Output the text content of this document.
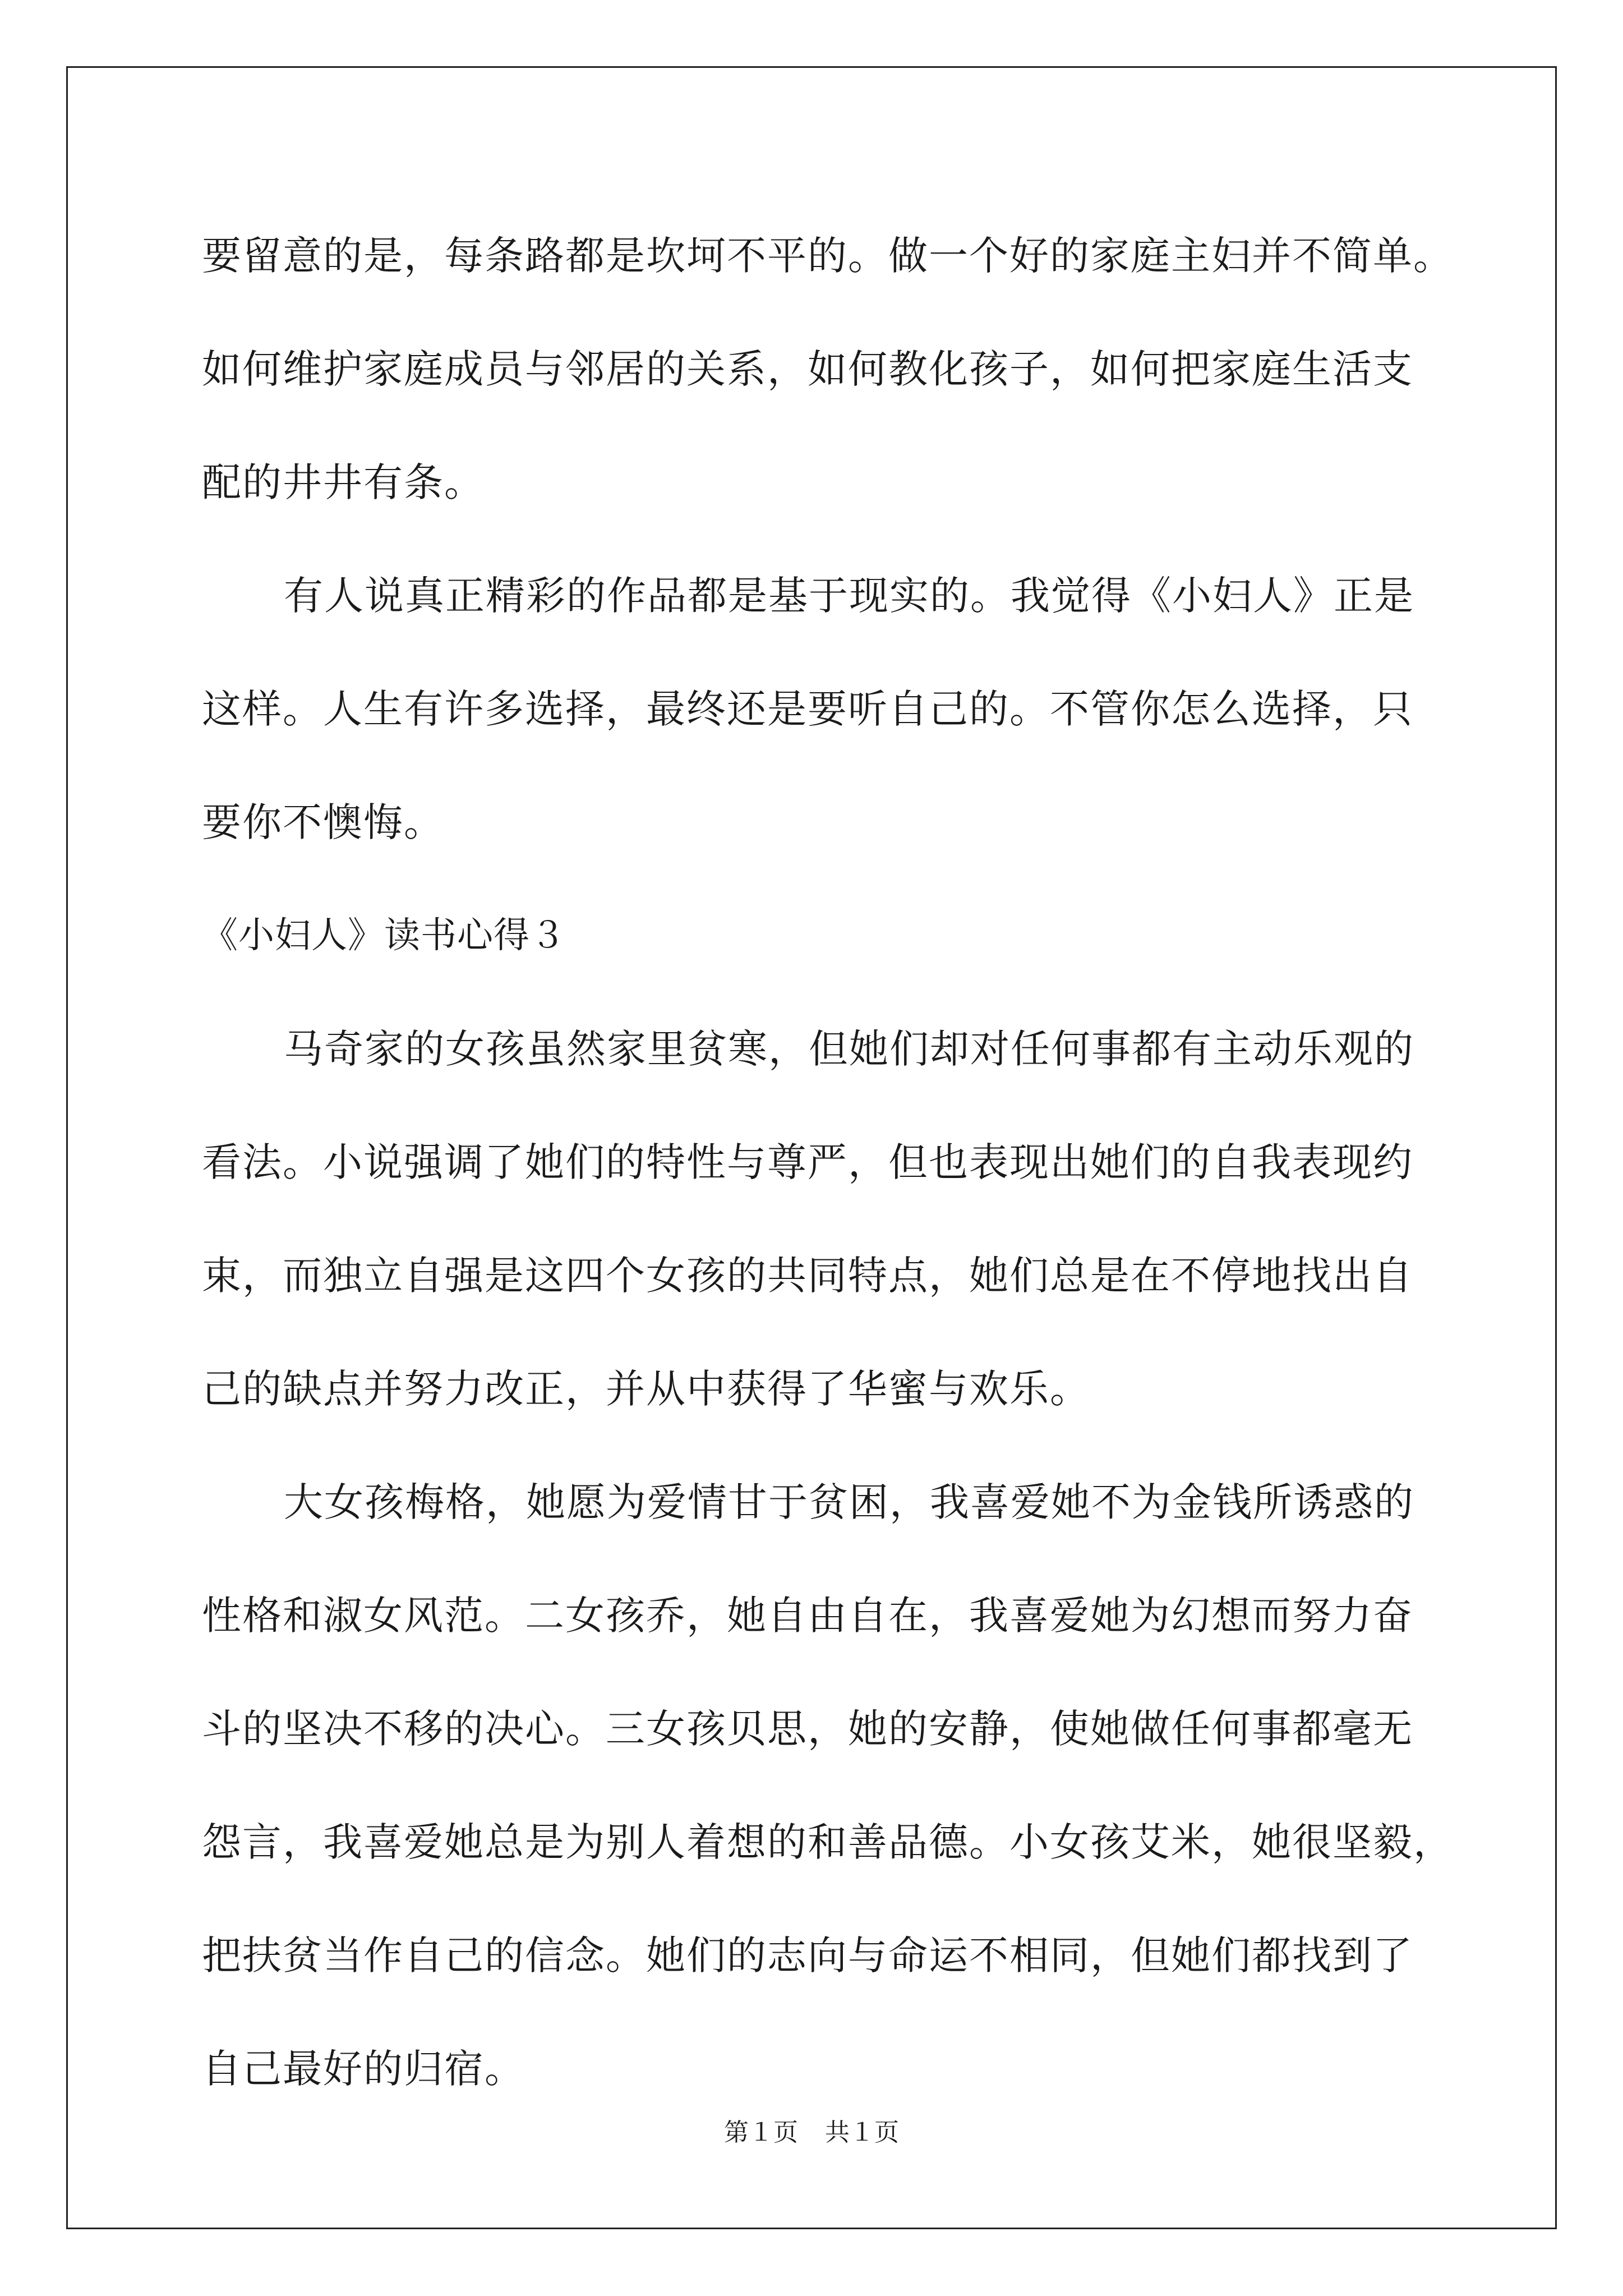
要留意的是，每条路都是坎坷不平的。做一个好的家庭主妇并不简单。
如何维护家庭成员与邻居的关系，如何教化孩子，如何把家庭生活支
配的井井有条。
有人说真正精彩的作品都是基于现实的。我觉得《小妇人》正是
这样。人生有许多选择，最终还是要听自己的。不管你怎么选择，只
要你不懊悔。
《小妇人》读书心得３
马奇家的女孩虽然家里贫寒，但她们却对任何事都有主动乐观的
看法。小说强调了她们的特性与尊严，但也表现出她们的自我表现约
束，而独立自强是这四个女孩的共同特点，她们总是在不停地找出自
己的缺点并努力改正，并从中获得了华蜜与欢乐。
大女孩梅格，她愿为爱情甘于贫困，我喜爱她不为金钱所诱惑的
性格和淑女风范。二女孩乔，她自由自在，我喜爱她为幻想而努力奋
斗的坚决不移的决心。三女孩贝思，她的安静，使她做任何事都毫无
怨言，我喜爱她总是为别人着想的和善品德。小女孩艾米，她很坚毅，
把扶贫当作自己的信念。她们的志向与命运不相同，但她们都找到了
自己最好的归宿。
第１页 共１页
